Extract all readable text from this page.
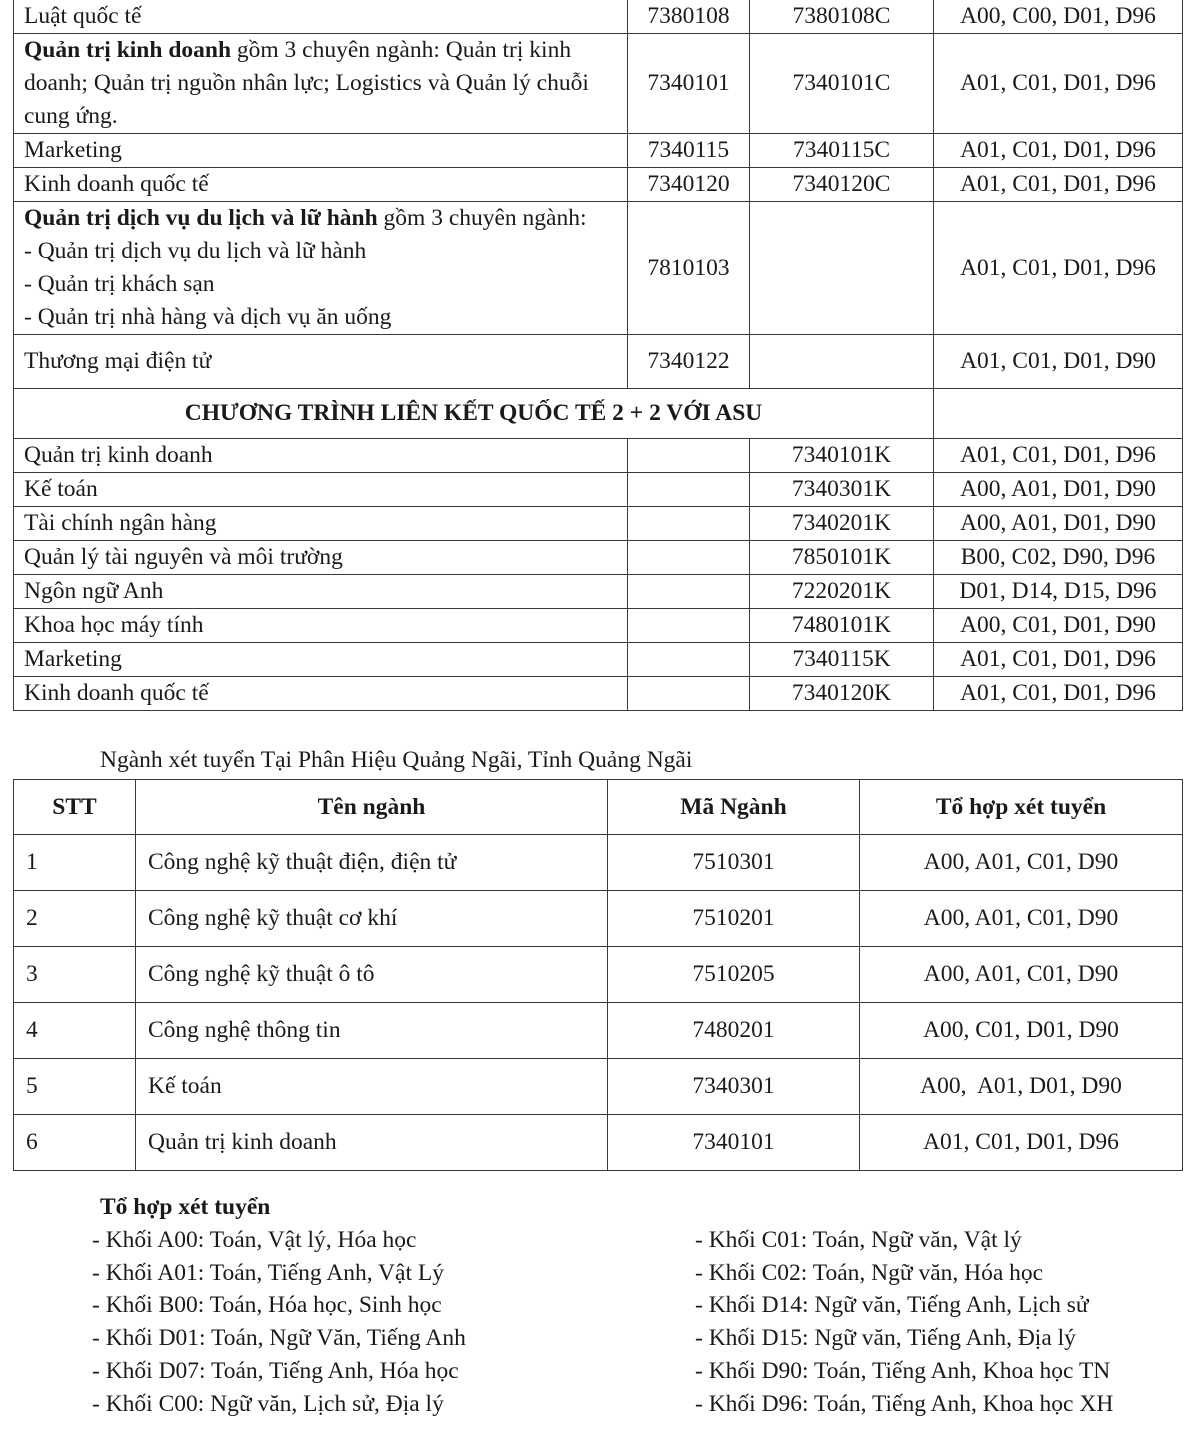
Luật quốc tế	7380108	7380108C	A00, C00, D01, D96
Quản trị kinh doanh gồm 3 chuyên ngành: Quản trị kinh doanh; Quản trị nguồn nhân lực; Logistics và Quản lý chuỗi cung ứng.	7340101	7340101C	A01, C01, D01, D96
Marketing	7340115	7340115C	A01, C01, D01, D96
Kinh doanh quốc tế	7340120	7340120C	A01, C01, D01, D96

Quản trị dịch vụ du lịch và lữ hành gồm 3 chuyên ngành:
- Quản trị dịch vụ du lịch và lữ hành
- Quản trị khách sạn
- Quản trị nhà hàng và dịch vụ ăn uống	7810103		A01, C01, D01, D96
Thương mại điện tử	7340122		A01, C01, D01, D90
CHƯƠNG TRÌNH LIÊN KẾT QUỐC TẾ 2 + 2 VỚI ASU			
Quản trị kinh doanh		7340101K	A01, C01, D01, D96
Kế toán		7340301K	A00, A01, D01, D90
Tài chính ngân hàng		7340201K	A00, A01, D01, D90
Quản lý tài nguyên và môi trường		7850101K	B00, C02, D90, D96
Ngôn ngữ Anh		7220201K	D01, D14, D15, D96
Khoa học máy tính		7480101K	A00, C01, D01, D90
Marketing		7340115K	A01, C01, D01, D96
Kinh doanh quốc tế		7340120K	A01, C01, D01, D96
Ngành xét tuyển Tại Phân Hiệu Quảng Ngãi, Tỉnh Quảng Ngãi
STT	Tên ngành	Mã Ngành	Tổ hợp xét tuyển
1	Công nghệ kỹ thuật điện, điện tử	7510301	A00, A01, C01, D90
2	Công nghệ kỹ thuật cơ khí	7510201	A00, A01, C01, D90
3	Công nghệ kỹ thuật ô tô	7510205	A00, A01, C01, D90
4	Công nghệ thông tin	7480201	A00, C01, D01, D90
5	Kế toán	7340301	A00,  A01, D01, D90
6	Quản trị kinh doanh	7340101	A01, C01, D01, D96
Tổ hợp xét tuyển
- Khối A00: Toán, Vật lý, Hóa học
- Khối A01: Toán, Tiếng Anh, Vật Lý
- Khối B00: Toán, Hóa học, Sinh học
- Khối D01: Toán, Ngữ Văn, Tiếng Anh
- Khối D07: Toán, Tiếng Anh, Hóa học
- Khối C00: Ngữ văn, Lịch sử, Địa lý
- Khối C01: Toán, Ngữ văn, Vật lý
- Khối C02: Toán, Ngữ văn, Hóa học
- Khối D14: Ngữ văn, Tiếng Anh, Lịch sử
- Khối D15: Ngữ văn, Tiếng Anh, Địa lý
- Khối D90: Toán, Tiếng Anh, Khoa học TN
- Khối D96: Toán, Tiếng Anh, Khoa học XH
